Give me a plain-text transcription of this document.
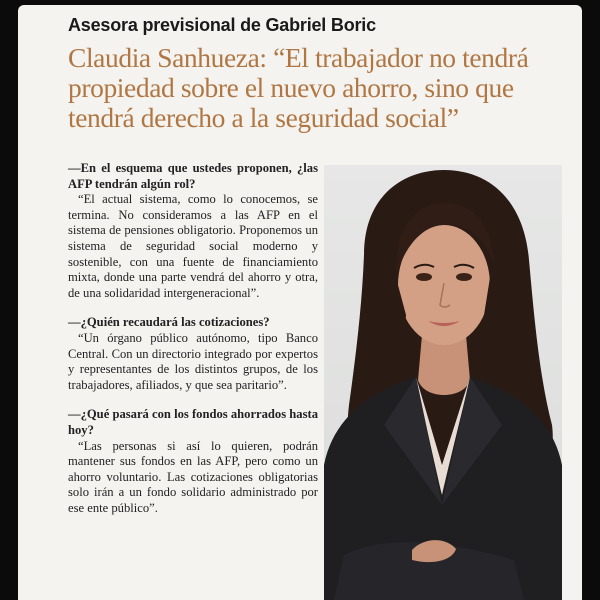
Asesora previsional de Gabriel Boric
Claudia Sanhueza: “El trabajador no tendrá propiedad sobre el nuevo ahorro, sino que tendrá derecho a la seguridad social”

—En el esquema que ustedes proponen, ¿las AFP tendrán algún rol?

“El actual sistema, como lo conocemos, se termina. No consideramos a las AFP en el sistema de pensiones obligatorio. Proponemos un sistema de seguridad social moderno y sostenible, con una fuente de financiamiento mixta, donde una parte vendrá del ahorro y otra, de una solidaridad intergeneracional”.

—¿Quién recaudará las cotizaciones?

“Un órgano público autónomo, tipo Banco Central. Con un directorio integrado por expertos y representantes de los distintos grupos, de los trabajadores, afiliados, y que sea paritario”.

—¿Qué pasará con los fondos ahorrados hasta hoy?

“Las personas si así lo quieren, podrán mantener sus fondos en las AFP, pero como un ahorro voluntario. Las cotizaciones obligatorias solo irán a un fondo solidario administrado por ese ente público”.
